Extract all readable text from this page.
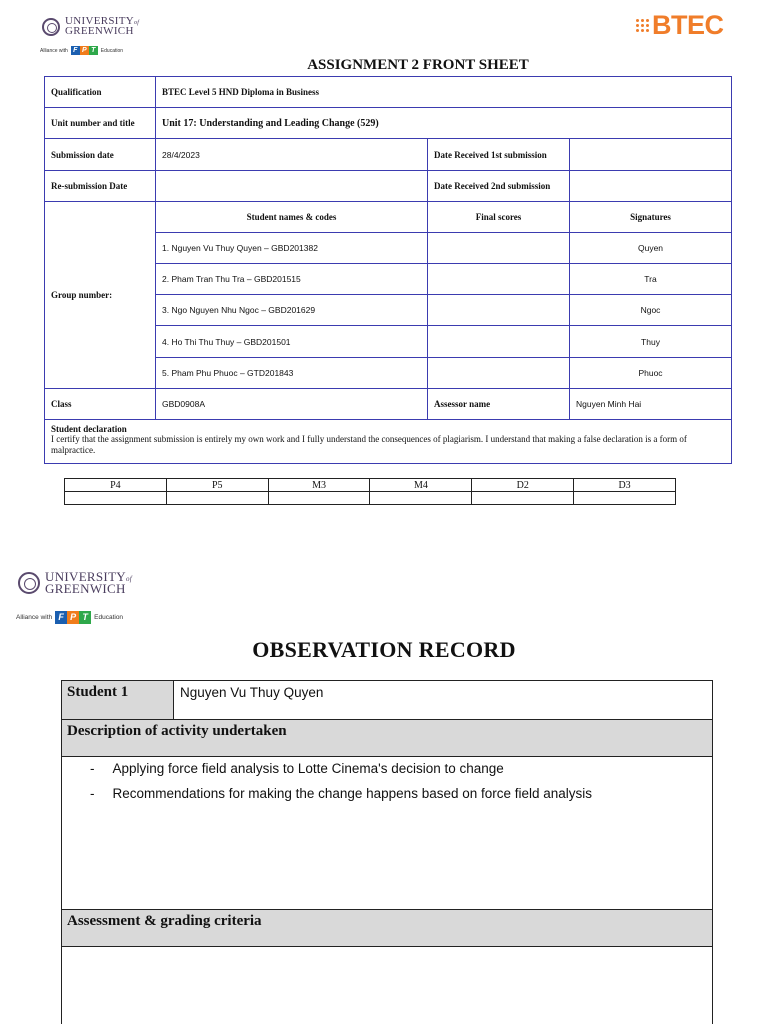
UNIVERSITYof
GREENWICH
Alliance with F P T	Education
BTEC
ASSIGNMENT 2 FRONT SHEET
Qualification	BTEC Level 5 HND Diploma in Business		
Unit number and title	Unit 17: Understanding and Leading Change (529)		
Submission date	28/4/2023	Date Received 1st submission	
Re-submission Date		Date Received 2nd submission	
Group number:	Student names & codes	Final scores	Signatures
	1. Nguyen Vu Thuy Quyen – GBD201382		Quyen
	2. Pham Tran Thu Tra – GBD201515		Tra
	3. Ngo Nguyen Nhu Ngoc – GBD201629		Ngoc
	4. Ho Thi Thu Thuy – GBD201501		Thuy
	5. Pham Phu Phuoc – GTD201843		Phuoc
Class	GBD0908A	Assessor name	Nguyen Minh Hai

Student declaration
I certify that the assignment submission is entirely my own work and I fully understand the consequences of plagiarism. I understand that making a false declaration is a form of malpractice.			
P4	P5	M3	M4	D2	D3

UNIVERSITYof
GREENWICH
Alliance with F P T Education
OBSERVATION RECORD
Student 1	Nguyen Vu Thuy Quyen
Description of activity undertaken
- Applying force field analysis to Lotte Cinema's decision to change
- Recommendations for making the change happens based on force field analysis
Assessment & grading criteria
